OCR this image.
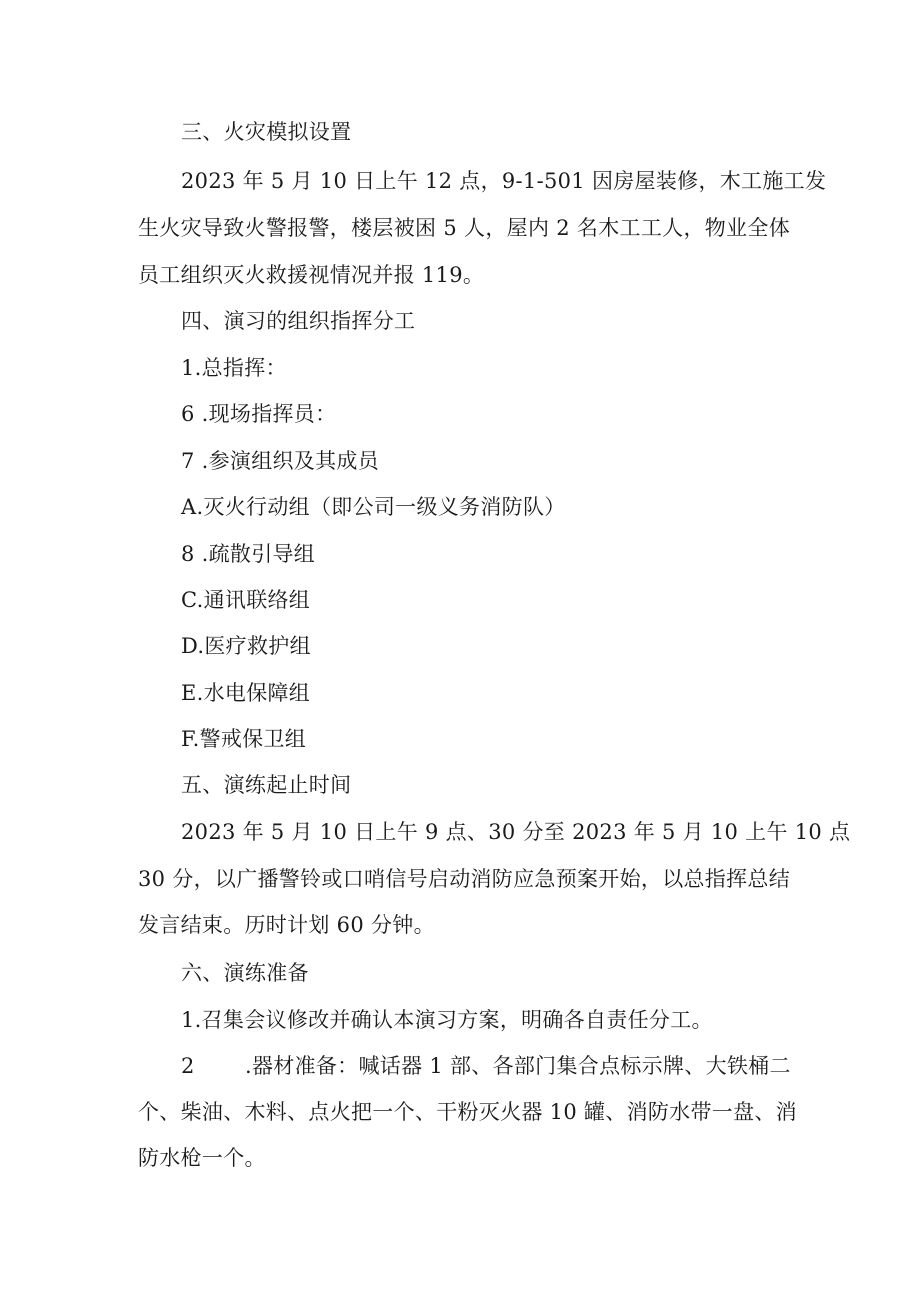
三、火灾模拟设置
2023 年 5 月 10 日上午 12 点，9-1-501 因房屋装修，木工施工发
生火灾导致火警报警，楼层被困 5 人，屋内 2 名木工工人，物业全体
员工组织灭火救援视情况并报 119。
四、演习的组织指挥分工
1.总指挥：
6 .现场指挥员：
7 .参演组织及其成员
A.灭火行动组（即公司一级义务消防队）
8 .疏散引导组
C.通讯联络组
D.医疗救护组
E.水电保障组
F.警戒保卫组
五、演练起止时间
2023 年 5 月 10 日上午 9 点、30 分至 2023 年 5 月 10 上午 10 点
30 分，以广播警铃或口哨信号启动消防应急预案开始，以总指挥总结
发言结束。历时计划 60 分钟。
六、演练准备
1.召集会议修改并确认本演习方案，明确各自责任分工。
2 .器材准备：喊话器 1 部、各部门集合点标示牌、大铁桶二
个、柴油、木料、点火把一个、干粉灭火器 10 罐、消防水带一盘、消
防水枪一个。
